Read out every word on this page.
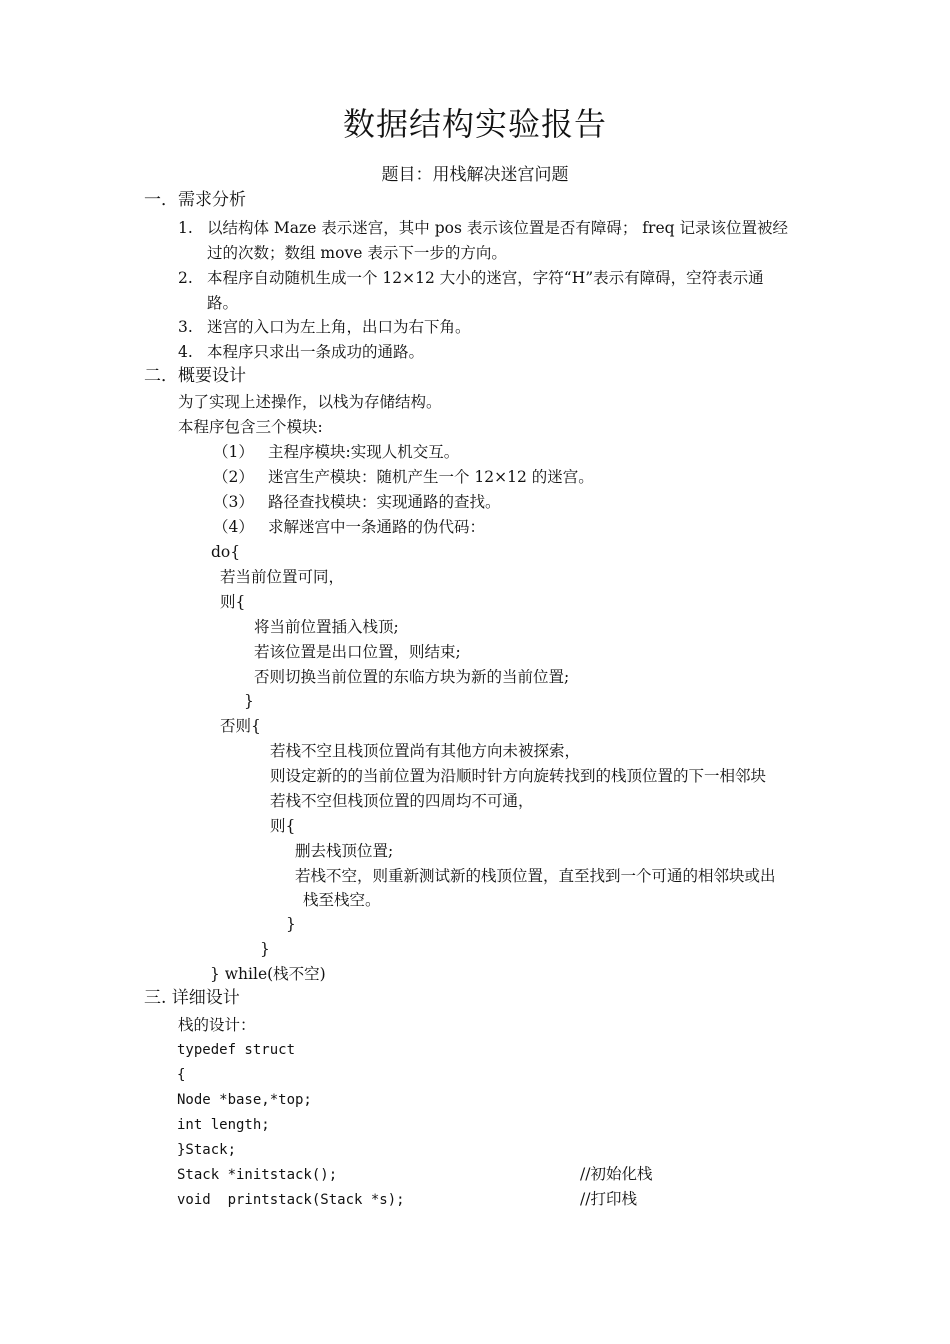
数据结构实验报告
题目：用栈解决迷宫问题
一．需求分析
1. 以结构体 Maze 表示迷宫，其中 pos 表示该位置是否有障碍； freq 记录该位置被经
过的次数；数组 move 表示下一步的方向。
2. 本程序自动随机生成一个 12×12 大小的迷宫，字符“H”表示有障碍，空符表示通
路。
3. 迷宫的入口为左上角，出口为右下角。
4. 本程序只求出一条成功的通路。
二．概要设计
为了实现上述操作，以栈为存储结构。
本程序包含三个模块:
（1） 主程序模块:实现人机交互。
（2） 迷宫生产模块：随机产生一个 12×12 的迷宫。
（3） 路径查找模块：实现通路的查找。
（4） 求解迷宫中一条通路的伪代码：
do{
若当前位置可同，
则{
将当前位置插入栈顶;
若该位置是出口位置，则结束;
否则切换当前位置的东临方块为新的当前位置;
}
否则{
若栈不空且栈顶位置尚有其他方向未被探索，
则设定新的的当前位置为沿顺时针方向旋转找到的栈顶位置的下一相邻块
若栈不空但栈顶位置的四周均不可通，
则{
删去栈顶位置;
若栈不空，则重新测试新的栈顶位置，直至找到一个可通的相邻块或出
栈至栈空。
}
}
} while(栈不空)
三. 详细设计
栈的设计：
typedef struct
{
Node *base,*top;
int length;
}Stack;
Stack *initstack();	//初始化栈
void  printstack(Stack *s);	//打印栈
